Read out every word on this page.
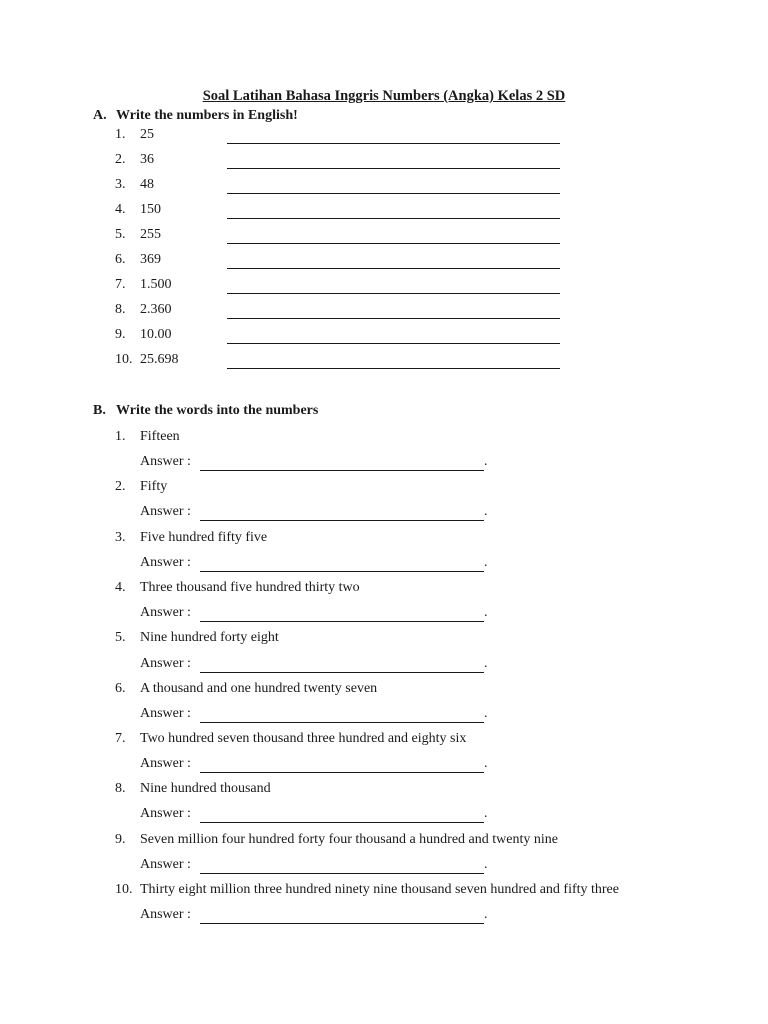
Soal Latihan Bahasa Inggris Numbers (Angka) Kelas 2 SD
A. Write the numbers in English!
1. 25
2. 36
3. 48
4. 150
5. 255
6. 369
7. 1.500
8. 2.360
9. 10.00
10. 25.698
B. Write the words into the numbers
1. Fifteen
Answer :	.
2. Fifty
Answer :	.
3. Five hundred fifty five
Answer :	.
4. Three thousand five hundred thirty two
Answer :	.
5. Nine hundred forty eight
Answer :	.
6. A thousand and one hundred twenty seven
Answer :	.
7. Two hundred seven thousand three hundred and eighty six
Answer :	.
8. Nine hundred thousand
Answer :	.
9. Seven million four hundred forty four thousand a hundred and twenty nine
Answer :	.
10. Thirty eight million three hundred ninety nine thousand seven hundred and fifty three
Answer :	.
